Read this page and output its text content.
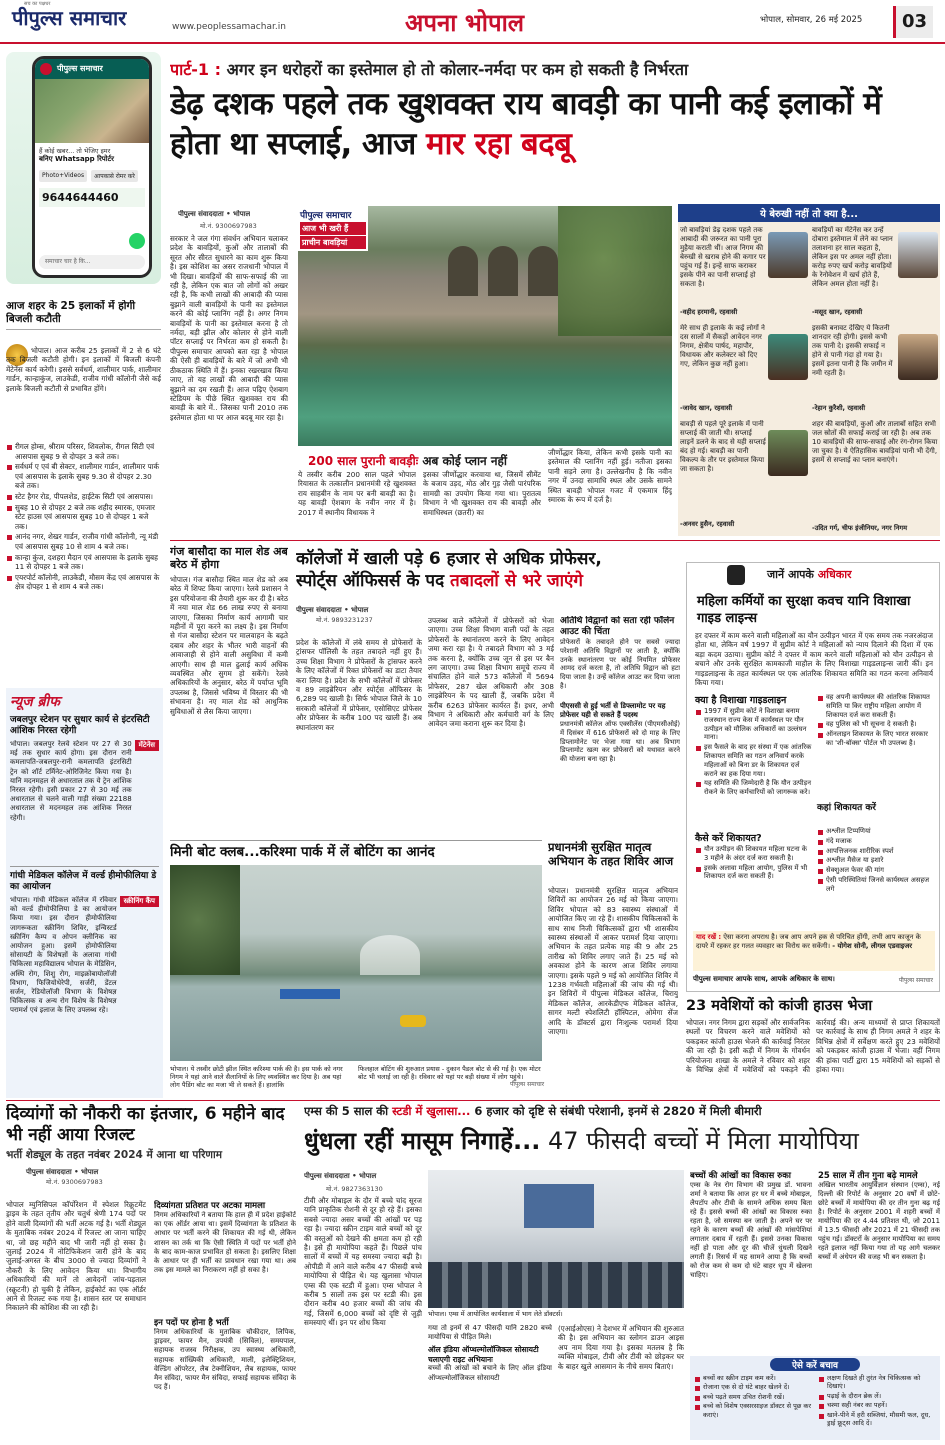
पीपुल्स समाचार
सच का पक्षधर
www.peoplessamachar.in	अपना भोपाल	भोपाल, सोमवार, 26 मई 2025	03
पीपुल्स समाचार
हैं कोई खबर... तो भेजिए इमर
बनिए Whatsapp रिपोर्टर
Photo+Videos	आपकासे रोमर करे
9644644460
समाचार चार है कि...
आज शहर के 25 इलाकों में होगी बिजली कटौती
भोपाल। आज करीब 25 इलाकों में 2 से 6 घंटे तक बिजली कटौती होगी। इन इलाकों में बिजली कंपनी मेंटेनेंस कार्य करेगी। इससे सर्वधर्म, शालीमार पार्क, शालीमार गार्डन, कान्हाकुंज, लाउकेडी, राजीव गांधी कॉलोनी जैसे कई इलाके बिजली कटौती से प्रभावित होंगे।
रीगल होम्स, श्रीराम परिसर, शिवलोक, रीगल सिटी एवं आसपास सुबह 9 से दोपहर 3 बजे तक।
सर्वधर्म ए एवं बी सेक्टर, शालीमार गार्डन, शालीमार पार्क एवं आसपास के इलाके सुबह 9.30 से दोपहर 2.30 बजे तक।
स्टेट हैगर रोड, पीपलशेड, हाईटेक सिटी एवं आसपास।
सुबह 10 से दोपहर 2 बजे तक शहीद स्मारक, एमजार स्टेट हाउस एवं आसपास सुबह 10 से दोपहर 1 बजे तक।
आनंद नगर, शेखर गार्डन, राजीव गांधी कॉलोनी, न्यू मंडी एवं आसपास सुबह 10 से शाम 4 बजे तक।
कान्हा कुंज, दशहरा मैदान एवं आसपास के इलाके सुबह 11 से दोपहर 1 बजे तक।
एयरपोर्ट कॉलोनी, लाउकेडी, मौसम केंद्र एवं आसपास के क्षेत्र दोपहर 1 से शाम 4 बजे तक।
न्यूज ब्रीफ
जबलपुर स्टेशन पर सुधार कार्य से इंटरसिटी आंशिक निरस्त रहेगी
मेंटेनेंस
भोपाल। जबलपुर रेलवे स्टेशन पर 27 से 30 मई तक सुधार कार्य होगा। इस दौरान रानी कमलापति-जबलपुर-रानी कमलापति इंटरसिटी ट्रेन को शॉर्ट टर्मिनेट-ओरिजिनेट किया गया है। यानि मदनमहल से अधारताल तक ये ट्रेन आंशिक निरस्त रहेगी। इसी प्रकार 27 से 30 मई तक अधारताल से चलने वाली गाड़ी संख्या 22188 अधारताल से मदनमहल तक आंशिक निरस्त रहेगी।
गांधी मेडिकल कॉलेज में वर्ल्ड हीमोफीलिया डे का आयोजन
स्क्रीनिंग कैंप
भोपाल। गांधी मेडिकल कॉलेज में रविवार को वर्ल्ड हीमोफीलिया डे का आयोजन किया गया। इस दौरान हीमोफीलिया जागरूकता स्क्रीनिंग शिविर, इन्विस्टर्ड स्क्रीनिंग कैम्प व ओपन क्लीनिक का आयोजन हुआ। इसमें होमोफीलिया सोसायटी के विशेषज्ञों के अलावा गांधी चिकित्सा महाविद्यालय भोपाल के मेडिसिन, अस्थि रोग, शिशु रोग, माइक्रोबायोलॉजी विभाग, फिजियोथेरेपी, सर्जरी, डेंटल सर्जन, रेडियोलॉजी विभाग के विशेषज्ञ चिकित्सक व अन्य रोग विशेष के विशेषज्ञ परामर्श एवं इलाज के लिए उपलब्ध रहे।
पार्ट-1 : अगर इन धरोहरों का इस्तेमाल हो तो कोलार-नर्मदा पर कम हो सकती है निर्भरता
डेढ़ दशक पहले तक खुशवक्त राय बावड़ी का पानी कई इलाकों में होता था सप्लाई, आज मार रहा बदबू
पीपुल्स संवाददाता • भोपाल
मो.नं. 9300697983
सरकार ने जल गंगा संवर्धन अभियान चलाकर प्रदेश के बावड़ियों, कुओं और तालाबों की सूरत और सीरत सुधारने का काम शुरू किया है। इस कोशिश का असर राजधानी भोपाल में भी दिखा। बावड़ियों की साफ-सफाई की जा रही है, लेकिन एक बात जो लोगों को अखर रही है, कि कभी लाखों की आबादी की प्यास बुझाने वाली बावड़ियों के पानी का इस्तेमाल करने की कोई प्लानिंग नहीं है। अगर निगम बावड़ियों के पानी का इस्तेमाल करना है तो नर्मदा, बड़ी झील और कोलार से होने वाली पॉटर सप्लाई पर निर्भरता कम हो सकती है। पीपुल्स समाचार आपको बता रहा है भोपाल की ऐसी ही बावड़ियों के बारे में जो अभी भी ठीकठाक स्थिति में हैं। इनका रखरखाव किया जाए, तो यह लाखों की आबादी की प्यास बुझाने का दम रखती हैं। आज पढ़िए ऐशबाग स्टेडियम के पीछे स्थित खुशवक्त राय की बावड़ी के बारे में.. जिसका पानी 2010 तक इस्तेमाल होता था पर आज बदबू मार रहा है।
पीपुल्स समाचार
आज भी खरी हैं
प्राचीन बावड़ियां
200 साल पुरानी बावड़ीः अब कोई प्लान नहीं
ये तस्वीर करीब 200 साल पहले भोपाल रियासत के तत्कालीन प्रधानमंत्री रहे खुशवक्त राय साहबीन के नाम पर बनी बावड़ी का है। यह बावड़ी ऐशबाग के नवीन नगर में है। 2017 में स्थानीय विधायक ने
इसका जीर्णोद्धार करवाया था, जिसमें सीमेंट के बजाय उड़द, मोठ और गुड़ जैसी पारंपरिक सामग्री का उपयोग किया गया था। पुरातत्व विभाग ने भी खुशवक्त राय की बावड़ी और समाधिस्थल (छतरी) का
जीर्णोद्धार किया, लेकिन कभी इसके पानी का इस्तेमाल की प्लानिंग नहीं हुई। नतीजा इसका पानी सड़ने लगा है। उल्लेखनीय है कि नवीन नगर में उनदा सामाधि स्थल और उसके सामने स्थित बावड़ी भोपाल गजट में एकमात्र हिंदू स्मारक के रूप में दर्ज है।
ये बेरुखी नहीं तो क्या है...
जो बावड़ियां डेढ़ दशक पहले तक आबादी की जरूरत का पानी पूरा मुहैया कराती थीं। आज निगम की बेरुखी से खराब होने की कगार पर पहुंच गई हैं। इन्हें साफ कराकर इसके पीने का पानी सप्लाई हो सकता है।
-वहीद हरमानी, रहवासी
बावड़ियों का मेंटेनेंस कर उन्हें दोबारा इस्तेमाल में लेने का प्लान तलाशना हर साल कहता है, लेकिन इस पर अमल नहीं होता। करोड़ रुपए खर्च करोड़ बावड़ियों के रेनोवेशन में खर्च होते हैं, लेकिन अमल होता नहीं है।
-मसूद खान, रहवासी
मेरे साथ ही इलाके के कई लोगों ने दस सालों में सैकड़ों आवेदन नगर निगम, क्षेत्रीय पार्षद, महापौर, विधायक और कलेक्टर को दिए गए, लेकिन कुछ नहीं हुआ।
-जावेद खान, रहवासी
इसकी बनावट देखिए ये कितनी शानदार रही होगी। इससे कभी तक पानी दे। इसकी सफाई न होने से पानी गंदा हो गया है। इसमें इतना पानी है कि जमीन में नमी रहती है।
-रेहान कुरैशी, रहवासी
बावड़ी से पहले पूरे इलाके में पानी सप्लाई की जाती थी। सप्लाई लाइनें डलने के बाद से यही सप्लाई बंद हो गई। बावड़ी का पानी विकल्प के तौर पर इस्तेमाल किया जा सकता है।
-अनवर हुसैन, रहवासी
शहर की बावड़ियों, कुओं और तालाबों सहित सभी जल स्रोतों की सफाई कराई जा रही है। अब तक 10 बावड़ियों की साफ-सफाई और रंग-रोगन किया जा चुका है। ये ऐतिहासिक बावड़ियां पानी भी देंगी, इसमें से सप्लाई का प्लान बनाएंगे।
-उदित गर्ग, चीफ इंजीनियर, नगर निगम
गंज बासौदा का माल शेड अब बरेठ में होगा
भोपाल। गंज बासौदा स्थित माल शेड को अब बरेठ में शिफ्ट किया जाएगा। रेलवे प्रशासन ने इस परियोजना की तैयारी शुरू कर दी है। बरेठ में नया माल शेड 66 लाख रुपए से बनाया जाएगा, जिसका निर्माण कार्य आगामी चार महीनों में पूरा करने का लक्ष्य है। इस निर्माण से गंज बासौदा स्टेशन पर मालवाहन के बढ़ते दबाव और शहर के भीतर भारी वाहनों की आवाजाही से होने वाली असुविधा में कमी आएगी। साथ ही माल ढुलाई कार्य अधिक व्यवस्थित और सुगम हो सकेंगे। रेलवे अधिकारियों के अनुसार, बरेठ में पर्याप्त भूमि उपलब्ध है, जिससे भविष्य में विस्तार की भी संभावना है। नए माल शेड को आधुनिक सुविधाओं से लैस किया जाएगा।
कॉलेजों में खाली पड़े 6 हजार से अधिक प्रोफेसर,
स्पोर्ट्स ऑफिसर्स के पद तबादलों से भरे जाएंगे
पीपुल्स संवाददाता • भोपाल
मो.नं. 9893231237
प्रदेश के कॉलेजों में लंबे समय से प्रोफेसरों के ट्रांसफर पॉलिसी के तहत तबादले नहीं हुए हैं। उच्च शिक्षा विभाग ने प्रोफेसरों के ट्रांसफर करने के लिए कॉलेजों में रिक्त प्रोफेसरों का डाटा तैयार करा लिया है। प्रदेश के सभी कॉलेजों में प्रोफेसर व 89 लाइब्रेरियन और स्पोर्ट्स ऑफिसर के 6,289 पद खाली है। सिर्फ भोपाल जिले के 10 सरकारी कॉलेजों में प्रोफेसर, एसोसिएट प्रोफेसर और प्रोफेसर के करीब 100 पद खाली हैं। अब स्थानांतरण कर
उपलब्ध वाले कॉलेजों में प्रोफेसरों को भेजा जाएगा। उच्च शिक्षा विभाग वाली पदों के तहत प्रोफेसरों के स्थानांतरण करने के लिए आवेदन जमा करा रहा है। ये तबादले विभाग को 3 मई तक करना है, क्योंकि उच्च जून से इस पर बैन लग जाएगा। उच्च शिक्षा विभाग समूचे राज्य में संचालित होने वाले 573 कॉलेजों में 5694 प्रोफेसर, 287 खेल अधिकारी और 308 लाइब्रेरियन के पद खाली हैं, जबकि प्रदेश में करीब 6263 प्रोफेसर कार्यरत हैं। इधर, अभी विभाग ने अधिकारी और कर्मचारी वर्ग के लिए आवेदन जमा कराना शुरू कर दिया है।
अतिथि विद्वानों को सता रही फॉलेन आउट की चिंता
प्रोफेसरों के तबादले होने पर सबसे ज्यादा परेशानी अतिथि विद्वानों पर आती है, क्योंकि उनके स्थानांतरण पर कोई नियमित प्रोफेसर आमद दर्ज करता है, तो अतिथि विद्वान को हटा दिया जाता है। उन्हें कॉलेज आउट कर दिया जाता है।
पीएससी से हुई भर्ती से डिफ्लामोट पर यह प्रोफेसर यही से सकते हैं पदस्थ
प्रधानमंत्री कॉलेज ऑफ एक्सीलेंस (पीएमसीओई) में दिसंबर में 616 प्रोफेसरों को दो माह के लिए डिप्लामोनेट पर भेजा गया था। अब विभाग डिप्लामोट खत्म कर प्रोफेसरों को यथावत करने की योजना बना रहा है।
मिनी बोट क्लब...करिश्मा पार्क में लें बोटिंग का आनंद
भोपाल। ये तस्वीर छोटी झील स्थित करिश्मा पार्क की है। इस पार्क को नगर निगम ने यहां आने वाले सैलानियों के लिए व्यवस्थित कर दिया है। अब यहां लोग पैडिंग बोट का मजा भी ले सकते हैं। हालांकि
फिलहाल बोटिंग की शुरुआत प्रयास - दुकान पैडल बोट से की गई है। एक मोटर बोट भी चलाई जा रही है। रविवार को यहां पर बड़ी संख्या में लोग पहुंचे।
पीपुल्स समाचार
प्रधानमंत्री सुरक्षित मातृत्व अभियान के तहत शिविर आज
भोपाल। प्रधानमंत्री सुरक्षित मातृत्व अभियान शिविरों का आयोजन 26 मई को किया जाएगा। शिविर भोपाल को 83 स्वास्थ्य संस्थाओं में आयोजित किए जा रहे हैं। शासकीय चिकित्सकों के साथ साथ निजी चिकित्सकों द्वारा भी शासकीय स्वास्थ्य संस्थाओं में आकर परामर्श दिया जाएगा। अभियान के तहत प्रत्येक माह की 9 और 25 तारीख को शिविर लगाए जाते हैं। 25 मई को अवकाश होने के कारण आज शिविर लगाया जाएगा। इसके पहले 9 मई को आयोजित शिविर में 1238 गर्भवती महिलाओं की जांच की गई थी। इन शिविरों में पीपुल्स मेडिकल कॉलेज, चिरायु मेडिकल कॉलेज, आरकेडीएफ मेडिकल कॉलेज, सागर मल्टी स्पेशलिटी हॉस्पिटल, ओमेगा सेंज आदि के डॉक्टर्स द्वारा निःशुल्क परामर्श दिया जाएगा।
जानें आपके अधिकार
महिला कर्मियों का सुरक्षा कवच यानि विशाखा गाइड लाइन्स
हर दफ्तर में काम करने वाली महिलाओं का यौन उत्पीड़न भारत में एक समय तक नजरअंदाज होता था, लेकिन वर्ष 1997 में सुप्रीम कोर्ट ने महिलाओं को न्याय दिलाने की दिशा में एक बड़ा कदम उठाया। सुप्रीम कोर्ट ने दफ्तर में काम करने वाली महिलाओं को यौन उत्पीड़न से बचाने और उनके सुरक्षित कामकाजी माहौल के लिए विशाखा गाइडलाइन्स जारी कीं। इन गाइडलाइन्स के तहत कार्यस्थल पर एक आंतरिक शिकायत समिति का गठन करना अनिवार्य किया गया।
क्या है विशाखा गाइडलाइन
1997 में सुप्रीम कोर्ट ने विशाखा बनाम राजस्थान राज्य केस में कार्यस्थल पर यौन उत्पीड़न को मौलिक अधिकारों का उल्लंघन माना।
इस फैसले के बाद हर संस्था में एक आंतरिक शिकायत समिति का गठन अनिवार्य करके महिलाओं को बिना डर के शिकायत दर्ज कराने का हक दिया गया।
यह समिति की जिम्मेदारी है कि यौन उत्पीड़न रोकने के लिए कर्मचारियों को जागरूक करे।
वह अपनी कार्यस्थल की आंतरिक शिकायत समिति या किर राष्ट्रीय महिला आयोग में शिकायत दर्ज करा सकती हैं।
वह पुलिस को भी सूचना दे सकती है।
ऑनलाइन शिकायत के लिए भारत सरकार का 'शी-बॉक्स' पोर्टल भी उपलब्ध है।
कहां शिकायत करें
अश्लील टिप्पणियां
गंदे मजाक
आपत्तिजनक शारीरिक स्पर्श
अश्लील मैसेज या इशारे
सेक्शुअल फेवर की मांग
ऐसी परिस्थितियां जिनसे कार्यस्थल असहज लगे
कैसे करें शिकायत?
यौन उत्पीड़न की शिकायत महिला घटना के 3 महीने के अंदर दर्ज करा सकती है।
इसके अलावा महिला आयोग, पुलिस में भी शिकायत दर्ज करा सकती हैं।
याद रखें : ऐसा करना अपराध है। जब आप अपने हक से परिचित होंगी, तभी आप काजून के दायरे में रहकर हर गलत व्यवहार का विरोध कर सकेंगी। - योगेश सोनी, लीगल एडवाइजर
पीपुल्स समाचार आपके साथ, आपके अधिकार के साथ।	पीपुल्स समाचार
23 मवेशियों को कांजी हाउस भेजा
भोपाल। नगर निगम द्वारा सड़कों और सार्वजनिक स्थलों पर विचरण करने वाले मवेशियों को पकड़कर कांजी हाउस भेजने की कार्रवाई निरंतर की जा रही है। इसी कड़ी में निगम के गोवर्धन परियोजना शाखा के अमले ने रविवार को शहर के विभिन्न क्षेत्रों में मवेशियों को पकड़ने की कार्रवाई की। अन्य माध्यमों से प्राप्त शिकायतों पर कार्रवाई के साथ ही निगम अमले ने शहर के विभिन्न क्षेत्रों में सर्वेक्षण करते हुए 23 मवेशियों को पकड़कर कांजी हाउस में भेजा। वहीं निगम की हांका पार्टी द्वारा 15 मवेशियों को सड़कों से हांका गया।
दिव्यांगों को नौकरी का इंतजार, 6 महीने बाद भी नहीं आया रिजल्ट
भर्ती शेड्यूल के तहत नवंबर 2024 में आना था परिणाम
पीपुल्स संवाददाता • भोपाल
मो.नं. 9300697983
भोपाल म्युनिसिपल कॉर्पोरेशन में स्पेशल रिक्रूटमेंट ड्राइव के तहत तृतीय और चतुर्थ श्रेणी 174 पदों पर होने वाली दिव्यांगों की भर्ती अटक गई है। भर्ती शेड्यूल के मुताबिक नवंबर 2024 में रिजल्ट आ जाना चाहिए था, जो छह महीने बाद भी जारी नहीं हो सका है। जुलाई 2024 में नोटिफिकेशन जारी होने के बाद जुलाई-अगस्त के बीच 3000 से ज्यादा दिव्यांगों ने नौकरी के लिए आवेदन किया था। विभागीय अधिकारियों की मानें तो आवेदनों जांच-पड़ताल (स्क्रूटनी) हो चुकी है लेकिन, हाईकोर्ट का एक ऑर्डर आने से रिजल्ट रुक गया है। शासन स्तर पर समाधान निकालने की कोशिश की जा रही है।
दिव्यांगता प्रतिशत पर अटका मामला
निगम अधिकारियों ने बताया कि हाल ही में प्रदेश हाईकोर्ट का एक ऑर्डर आया था। इसमें दिव्यांगता के प्रतिशत के आधार पर भर्ती करने की शिकायत की गई थी, लेकिन शासन का तर्क था कि ऐसी स्थिति में पदों पर भर्ती होने के बाद काम-काज प्रभावित हो सकता है। इसलिए शिक्षा के आधार पर ही भर्ती का प्रावधान रखा गया था। अब तक इस मामले का निराकरण नहीं हो सका है।
इन पदों पर होना है भर्ती
निगम अधिकारियों के मुताबिक चौकीदार, लिपिक, ड्राइवर, फायर मैन, उपयंत्री (सिविल), समयपाल, सहायक राजस्व निरीक्षक, उप स्वास्थ्य अधिकारी, सहायक सांख्यिकी अधिकारी, माली, इलेक्ट्रिशियन, वेल्डिंग ऑपरेटर, लैब टेक्नीशियन, लैब सहायक, फायर मैन संविदा, फायर मैन संविदा, सफाई सहायक संविदा के पद हैं।
एम्स की 5 साल की स्टडी में खुलासा... 6 हजार को दृष्टि से संबंधी परेशानी, इनमें से 2820 में मिली बीमारी
धुंधला रहीं मासूम निगाहें... 47 फीसदी बच्चों में मिला मायोपिया
पीपुल्स संवाददाता • भोपाल
मो.नं. 9827363130
टीवी और मोबाइल के दौर में बच्चे चांद सूरज यानि प्राकृतिक रोशनी से दूर हो रहे हैं। इसका सबसे ज्यादा असर बच्चों की आंखों पर पड़ रहा है। ज्यादा स्क्रीन टाइम वाले बच्चों को दूर की वस्तुओं को देखने की क्षमता कम हो रही है। इसे ही मायोपिया कहते हैं। पिछले पांच सालों में बच्चों में यह समस्या ज्यादा बढ़ी है। ओपीडी में आने वाले करीब 47 फीसदी बच्चे मायोपिया से पीड़ित थे। यह खुलासा भोपाल एम्स की एक स्टडी में हुआ। एम्स भोपाल ने करीब 5 सालों तक इस पर स्टडी की। इस दौरान करीब 40 हजार बच्चों की जांच की गई, जिसमें 6,000 बच्चों को दृष्टि से जुड़ी समस्याएं थीं। इन पर शोध किया
भोपाल। एम्स में आयोजित कार्यशाला में भाग लेते डॉक्टर्स।
गया तो इनमें से 47 फीसदी यानि 2820 बच्चे मायोपिया से पीड़ित मिले।
ऑल इंडिया ऑप्थल्मोलॉजिकल सोसायटी चलाएगी राइट अभियानः
बच्चों की आंखों को बचाने के लिए ऑल इंडिया ऑप्थल्मोलॉजिकल सोसायटी
(एआईओएस) ने देशभर में अभियान की शुरुआत की है। इस अभियान का स्लोगन डाउन आइस अप नाम दिया गया है। इसका मतलब है कि व्यक्ति मोबाइल, टीवी और टीवी को छोड़कर घर के बाहर खुले आसमान के नीचे समय बिताएं।
बच्चों की आंखों का विकास रुका
एम्स के नेत्र रोग विभाग की प्रमुख डॉ. भावना शर्मा ने बताया कि आज हर घर में बच्चे मोबाइल, लैपटॉप और टीवी के सामने अधिक समय बिता रहे हैं। इससे बच्चों की आंखों का विकास रुका रहता है, जो समस्या बन जाती है। अपने घर पर रहने के कारण बच्चों की आंखों की मांसपेशियां लगातार दबाव में रहती हैं। इससे उनका विकास नहीं हो पाता और दूर की चीजें धुंधली दिखने लगती हैं। रिसर्च में यह सामने आया है कि बच्चों को रोज कम से कम दो घंटे बाहर धूप में खेलना चाहिए।
25 साल में तीन गुना बढ़े मामले
अखिल भारतीय आयुर्विज्ञान संस्थान (एम्स), नई दिल्ली की रिपोर्ट के अनुसार 20 वर्षों में छोटे-छोटे बच्चों में मायोपिया की दर तीन गुना बढ़ गई है। रिपोर्ट के अनुसार 2001 में शहरी बच्चों में मायोपिया की दर 4.44 प्रतिशत थी, जो 2011 में 13.5 फीसदी और 2021 में 21 फीसदी तक पहुंच गई। डॉक्टरों के अनुसार मायोपिया का समय रहते इलाज नहीं किया गया तो यह आगे चलकर बच्चों में अंधेपन की वजह भी बन सकता है।
ऐसे करें बचाव
बच्चों का स्क्रीन टाइम कम करें।
रोजाना एक से दो घंटे बाहर खेलने दें।
बच्चे पढ़ते समय उचित रोशनी रखें।
बच्चे को विशेष एक्सरसाइज डॉक्टर से पूछ कर कराएं।
लक्षण दिखते ही तुरंत नेत्र चिकित्सक को दिखाएं।
पढ़ाई के दौरान ब्रेक लें।
चश्मा सही नंबर का पहनें।
खाने-पीने में हरी सब्जियां, मौसमी फल, दूध, ड्राई फ्रूट्स आदि दें।
